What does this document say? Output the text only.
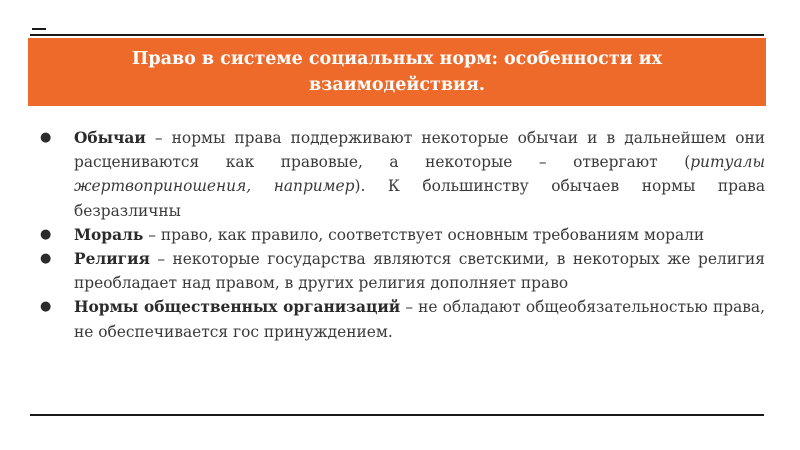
Право в системе социальных норм: особенности их взаимодействия.
● Обычаи – нормы права поддерживают некоторые обычаи и в дальнейшем они расцениваются как правовые, а некоторые – отвергают (ритуалы жертвоприношения, например). К большинству обычаев нормы права безразличны
● Мораль – право, как правило, соответствует основным требованиям морали
● Религия – некоторые государства являются светскими, в некоторых же религия преобладает над правом, в других религия дополняет право
● Нормы общественных организаций – не обладают общеобязательностью права, не обеспечивается гос принуждением.
